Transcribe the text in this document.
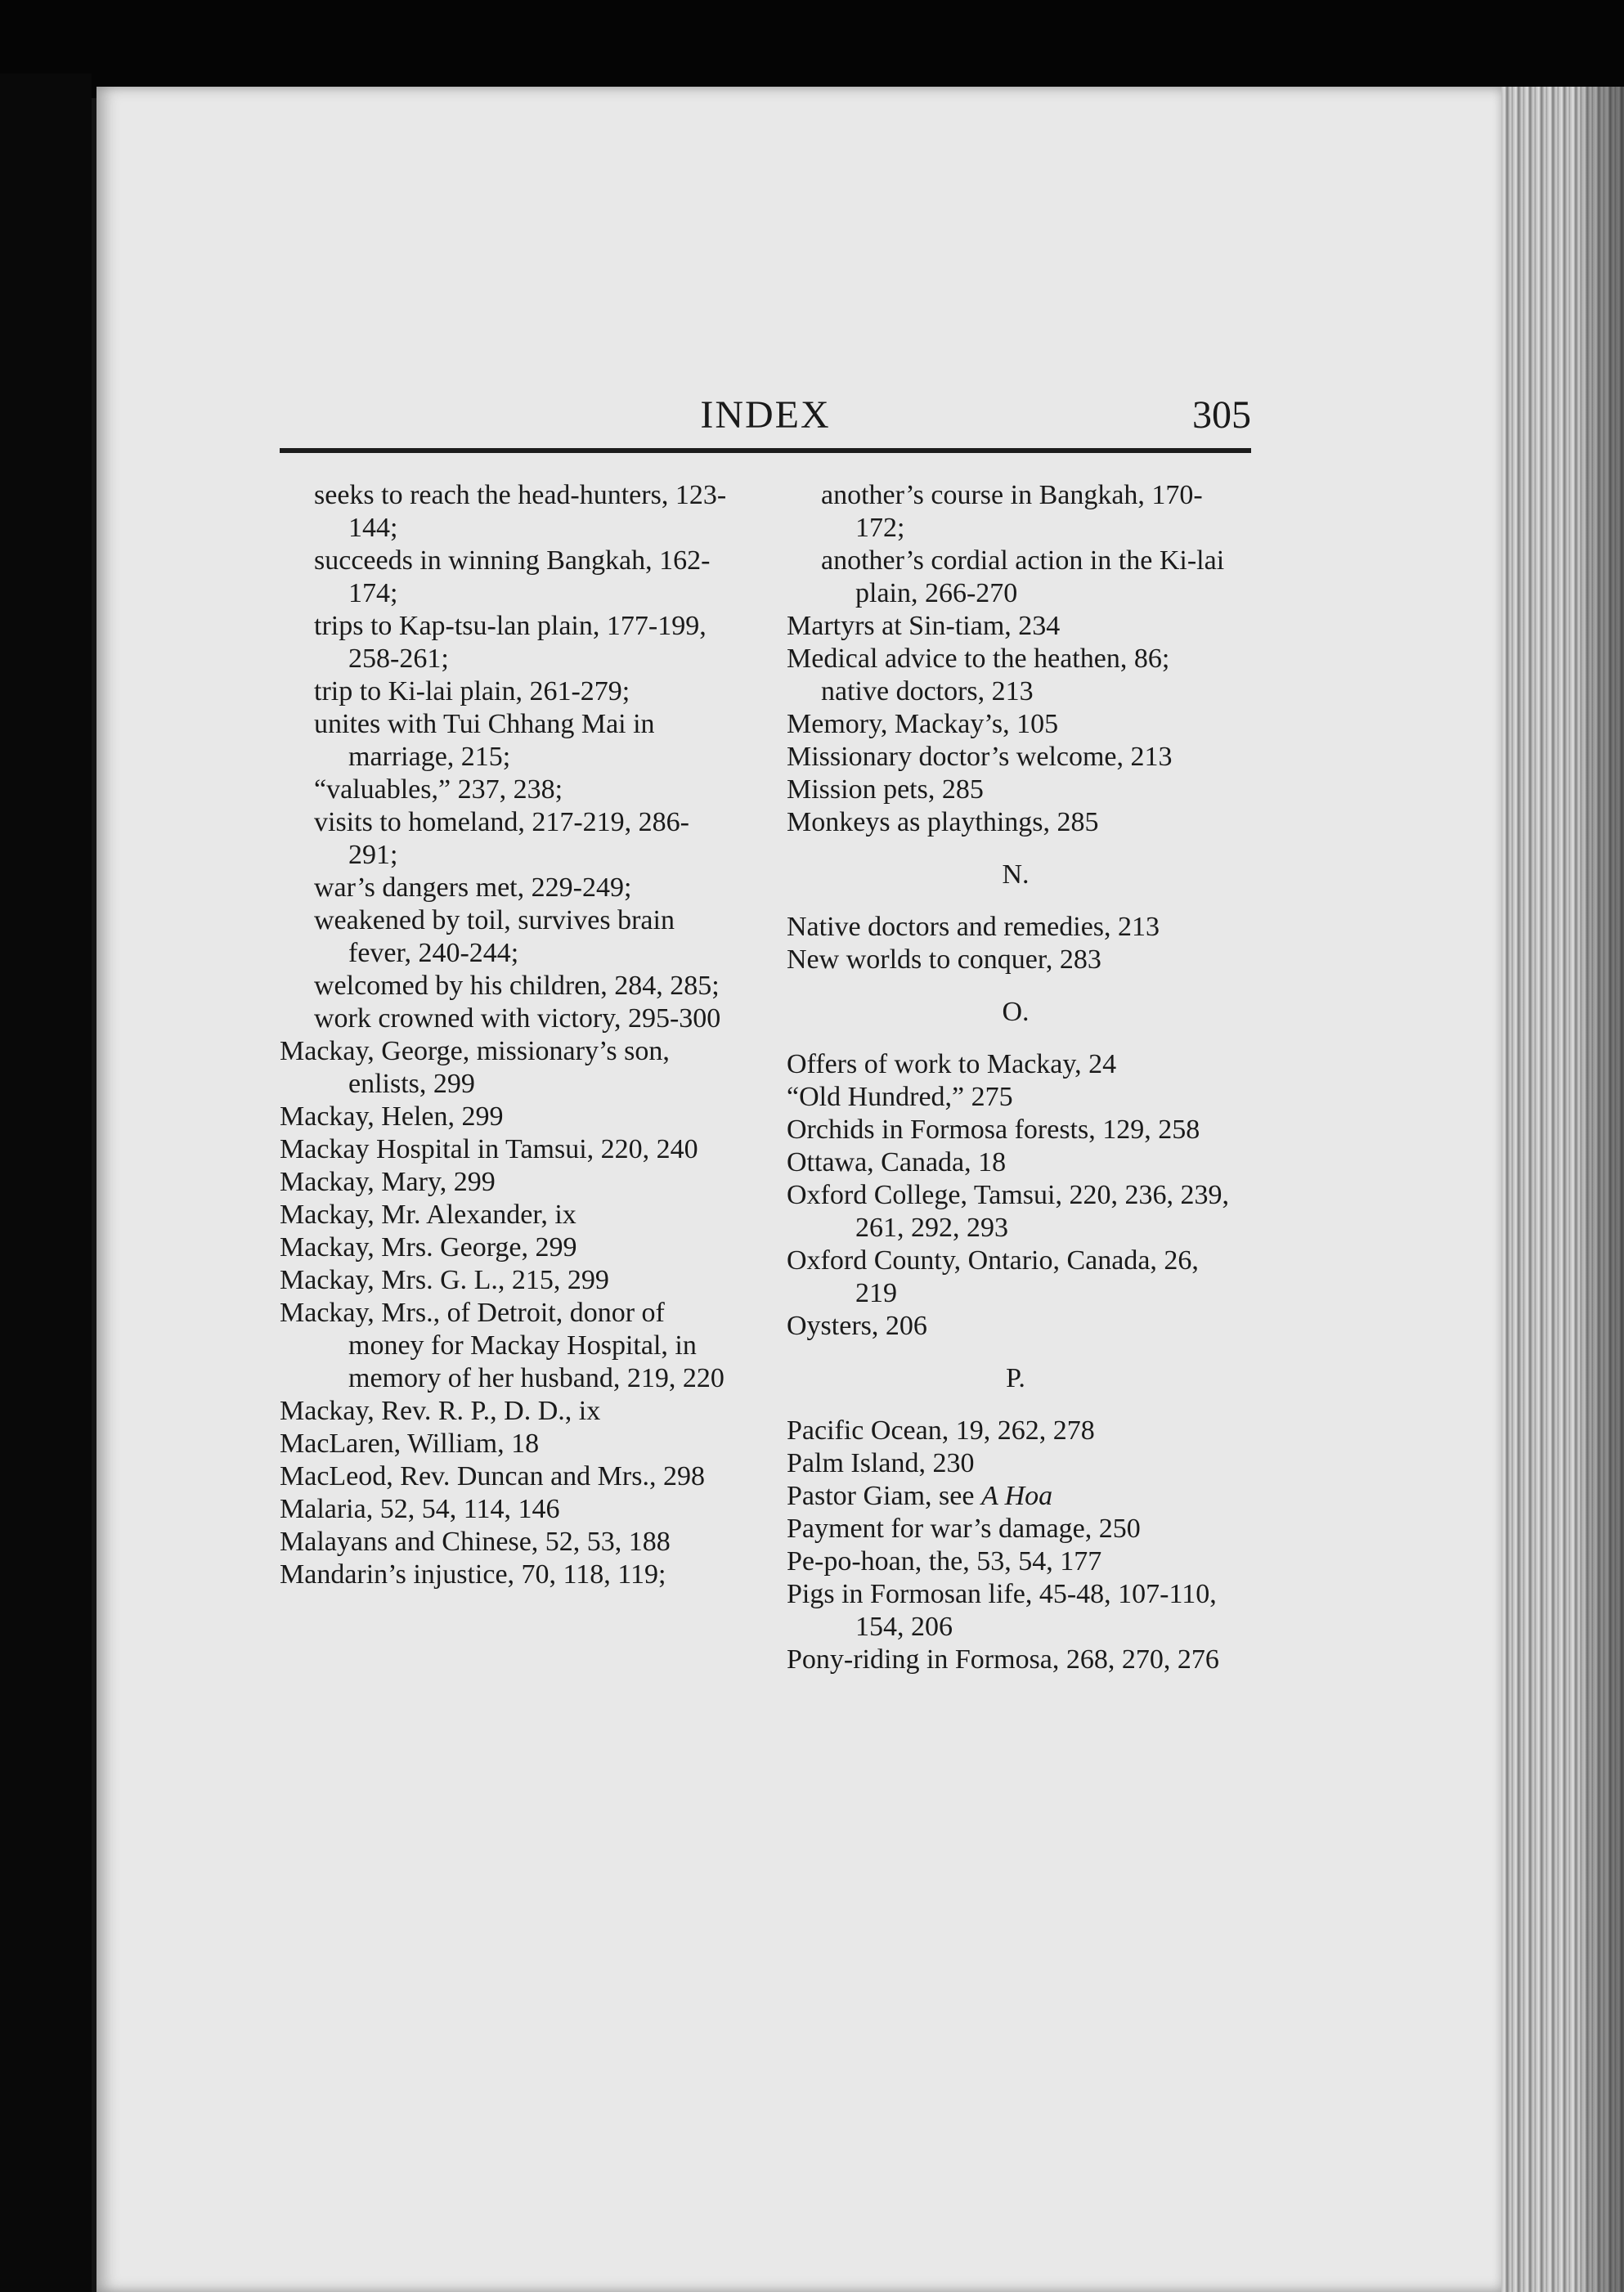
INDEX	305

seeks to reach the head-hunters, 123-144;

succeeds in winning Bangkah, 162-174;

trips to Kap-tsu-lan plain, 177-199, 258-261;

trip to Ki-lai plain, 261-279;

unites with Tui Chhang Mai in marriage, 215;

“valuables,” 237, 238;

visits to homeland, 217-219, 286-291;

war’s dangers met, 229-249;

weakened by toil, survives brain fever, 240-244;

welcomed by his children, 284, 285;

work crowned with victory, 295-300

Mackay, George, missionary’s son, enlists, 299

Mackay, Helen, 299

Mackay Hospital in Tamsui, 220, 240

Mackay, Mary, 299

Mackay, Mr. Alexander, ix

Mackay, Mrs. George, 299

Mackay, Mrs. G. L., 215, 299

Mackay, Mrs., of Detroit, donor of money for Mackay Hospital, in memory of her husband, 219, 220

Mackay, Rev. R. P., D. D., ix

MacLaren, William, 18

MacLeod, Rev. Duncan and Mrs., 298

Malaria, 52, 54, 114, 146

Malayans and Chinese, 52, 53, 188

Mandarin’s injustice, 70, 118, 119;

another’s course in Bangkah, 170-172;

another’s cordial action in the Ki-lai plain, 266-270

Martyrs at Sin-tiam, 234

Medical advice to the heathen, 86;

native doctors, 213

Memory, Mackay’s, 105

Missionary doctor’s welcome, 213

Mission pets, 285

Monkeys as playthings, 285

N.

Native doctors and remedies, 213

New worlds to conquer, 283

O.

Offers of work to Mackay, 24

“Old Hundred,” 275

Orchids in Formosa forests, 129, 258

Ottawa, Canada, 18

Oxford College, Tamsui, 220, 236, 239, 261, 292, 293

Oxford County, Ontario, Canada, 26, 219

Oysters, 206

P.

Pacific Ocean, 19, 262, 278

Palm Island, 230

Pastor Giam, see A Hoa

Payment for war’s damage, 250

Pe-po-hoan, the, 53, 54, 177

Pigs in Formosan life, 45-48, 107-110, 154, 206

Pony-riding in Formosa, 268, 270, 276
